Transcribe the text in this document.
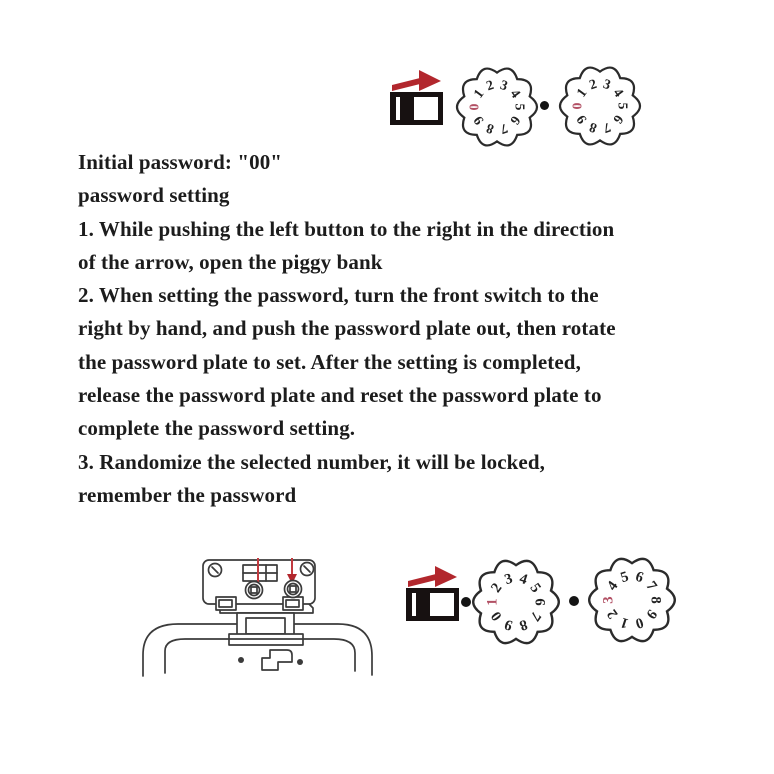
0
1
2 3
4
5
6
7
8
9
0
1
2 3
4
5
6
7
8
9
Initial password: "00"
password setting
1. While pushing the left button to the right in the direction
of the arrow, open the piggy bank
2. When setting the password, turn the front switch to the
right by hand, and push the password plate out, then rotate
the password plate to set. After the setting is completed,
release the password plate and reset the password plate to
complete the password setting.
3. Randomize the selected number, it will be locked,
remember the password
1
2
3 4
5
6
7
8
9
0
3
4
5 6
7
8
9
0
1
2
